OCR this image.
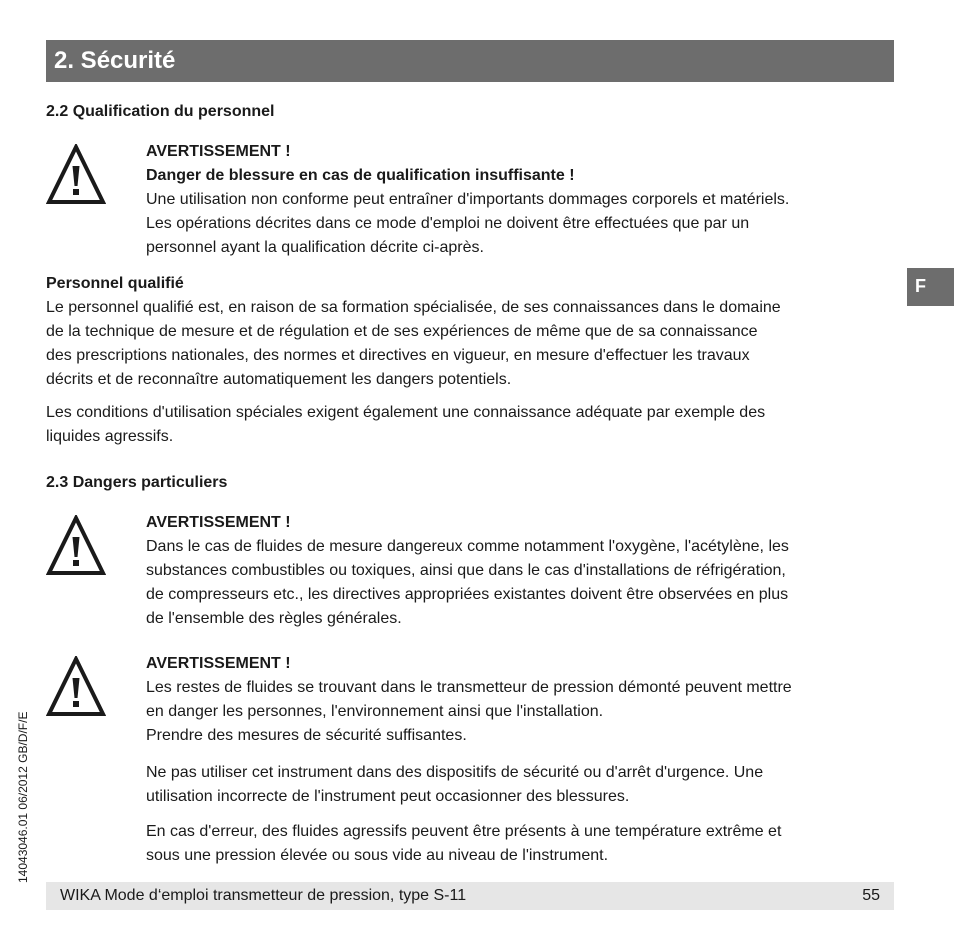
2. Sécurité
F
2.2 Qualification du personnel
AVERTISSEMENT !
Danger de blessure en cas de qualification insuffisante !
Une utilisation non conforme peut entraîner d'importants dommages corporels et matériels.
Les opérations décrites dans ce mode d'emploi ne doivent être effectuées que par un
personnel ayant la qualification décrite ci-après.
Personnel qualifié
Le personnel qualifié est, en raison de sa formation spécialisée, de ses connaissances dans le domaine
de la technique de mesure et de régulation et de ses expériences de même que de sa connaissance
des prescriptions nationales, des normes et directives en vigueur, en mesure d'effectuer les travaux
décrits et de reconnaître automatiquement les dangers potentiels.
Les conditions d'utilisation spéciales exigent également une connaissance adéquate par exemple des
liquides agressifs.
2.3 Dangers particuliers
AVERTISSEMENT !
Dans le cas de fluides de mesure dangereux comme notamment l'oxygène, l'acétylène, les
substances combustibles ou toxiques, ainsi que dans le cas d'installations de réfrigération,
de compresseurs etc., les directives appropriées existantes doivent être observées en plus
de l'ensemble des règles générales.
AVERTISSEMENT !
Les restes de fluides se trouvant dans le transmetteur de pression démonté peuvent mettre
en danger les personnes, l'environnement ainsi que l'installation.
Prendre des mesures de sécurité suffisantes.
Ne pas utiliser cet instrument dans des dispositifs de sécurité ou d'arrêt d'urgence. Une
utilisation incorrecte de l'instrument peut occasionner des blessures.
En cas d'erreur, des fluides agressifs peuvent être présents à une température extrême et
sous une pression élevée ou sous vide au niveau de l'instrument.
14043046.01 06/2012 GB/D/F/E
WIKA Mode d‘emploi transmetteur de pression, type S-11	55
